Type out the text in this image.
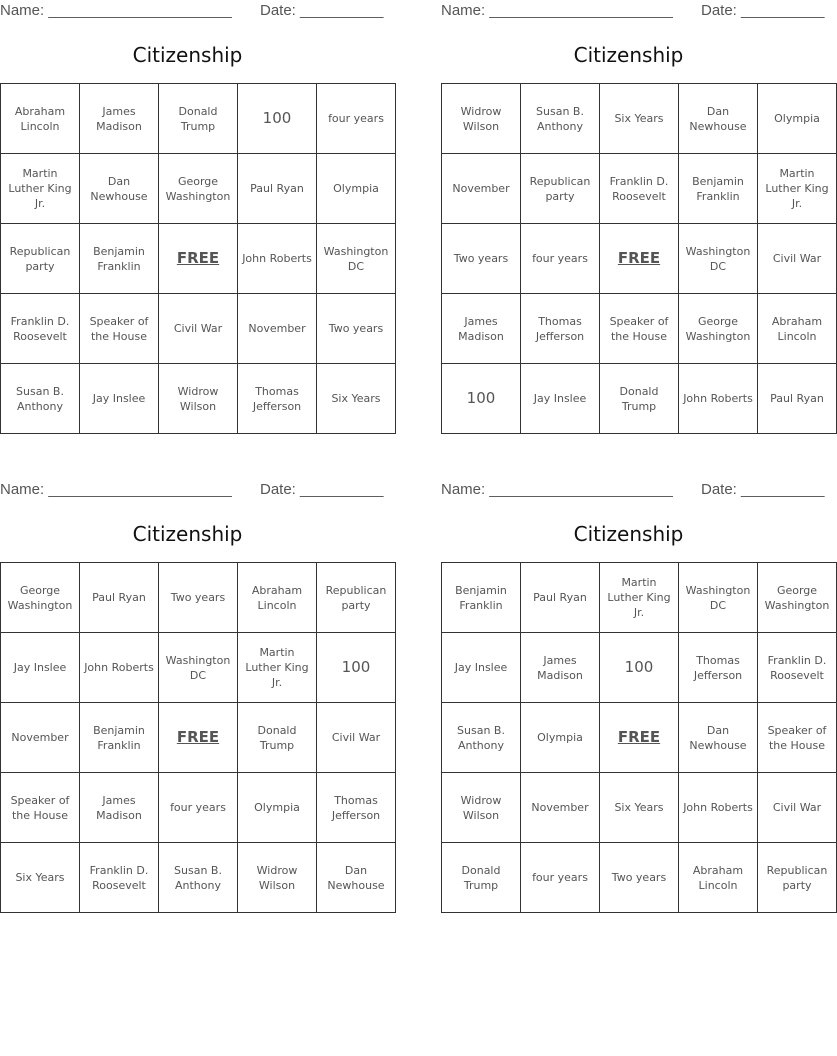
Name: ______________________ Date: __________
Citizenship
Abraham Lincoln	James Madison	Donald Trump	100	four years
Martin Luther King Jr.	Dan Newhouse	George Washington	Paul Ryan	Olympia
Republican party	Benjamin Franklin	FREE	John Roberts	Washington DC
Franklin D. Roosevelt	Speaker of the House	Civil War	November	Two years
Susan B. Anthony	Jay Inslee	Widrow Wilson	Thomas Jefferson	Six Years
Name: ______________________ Date: __________
Citizenship
Widrow Wilson	Susan B. Anthony	Six Years	Dan Newhouse	Olympia
November	Republican party	Franklin D. Roosevelt	Benjamin Franklin	Martin Luther King Jr.
Two years	four years	FREE	Washington DC	Civil War
James Madison	Thomas Jefferson	Speaker of the House	George Washington	Abraham Lincoln
100	Jay Inslee	Donald Trump	John Roberts	Paul Ryan
Name: ______________________ Date: __________
Citizenship
George Washington	Paul Ryan	Two years	Abraham Lincoln	Republican party
Jay Inslee	John Roberts	Washington DC	Martin Luther King Jr.	100
November	Benjamin Franklin	FREE	Donald Trump	Civil War
Speaker of the House	James Madison	four years	Olympia	Thomas Jefferson
Six Years	Franklin D. Roosevelt	Susan B. Anthony	Widrow Wilson	Dan Newhouse
Name: ______________________ Date: __________
Citizenship
Benjamin Franklin	Paul Ryan	Martin Luther King Jr.	Washington DC	George Washington
Jay Inslee	James Madison	100	Thomas Jefferson	Franklin D. Roosevelt
Susan B. Anthony	Olympia	FREE	Dan Newhouse	Speaker of the House
Widrow Wilson	November	Six Years	John Roberts	Civil War
Donald Trump	four years	Two years	Abraham Lincoln	Republican party
